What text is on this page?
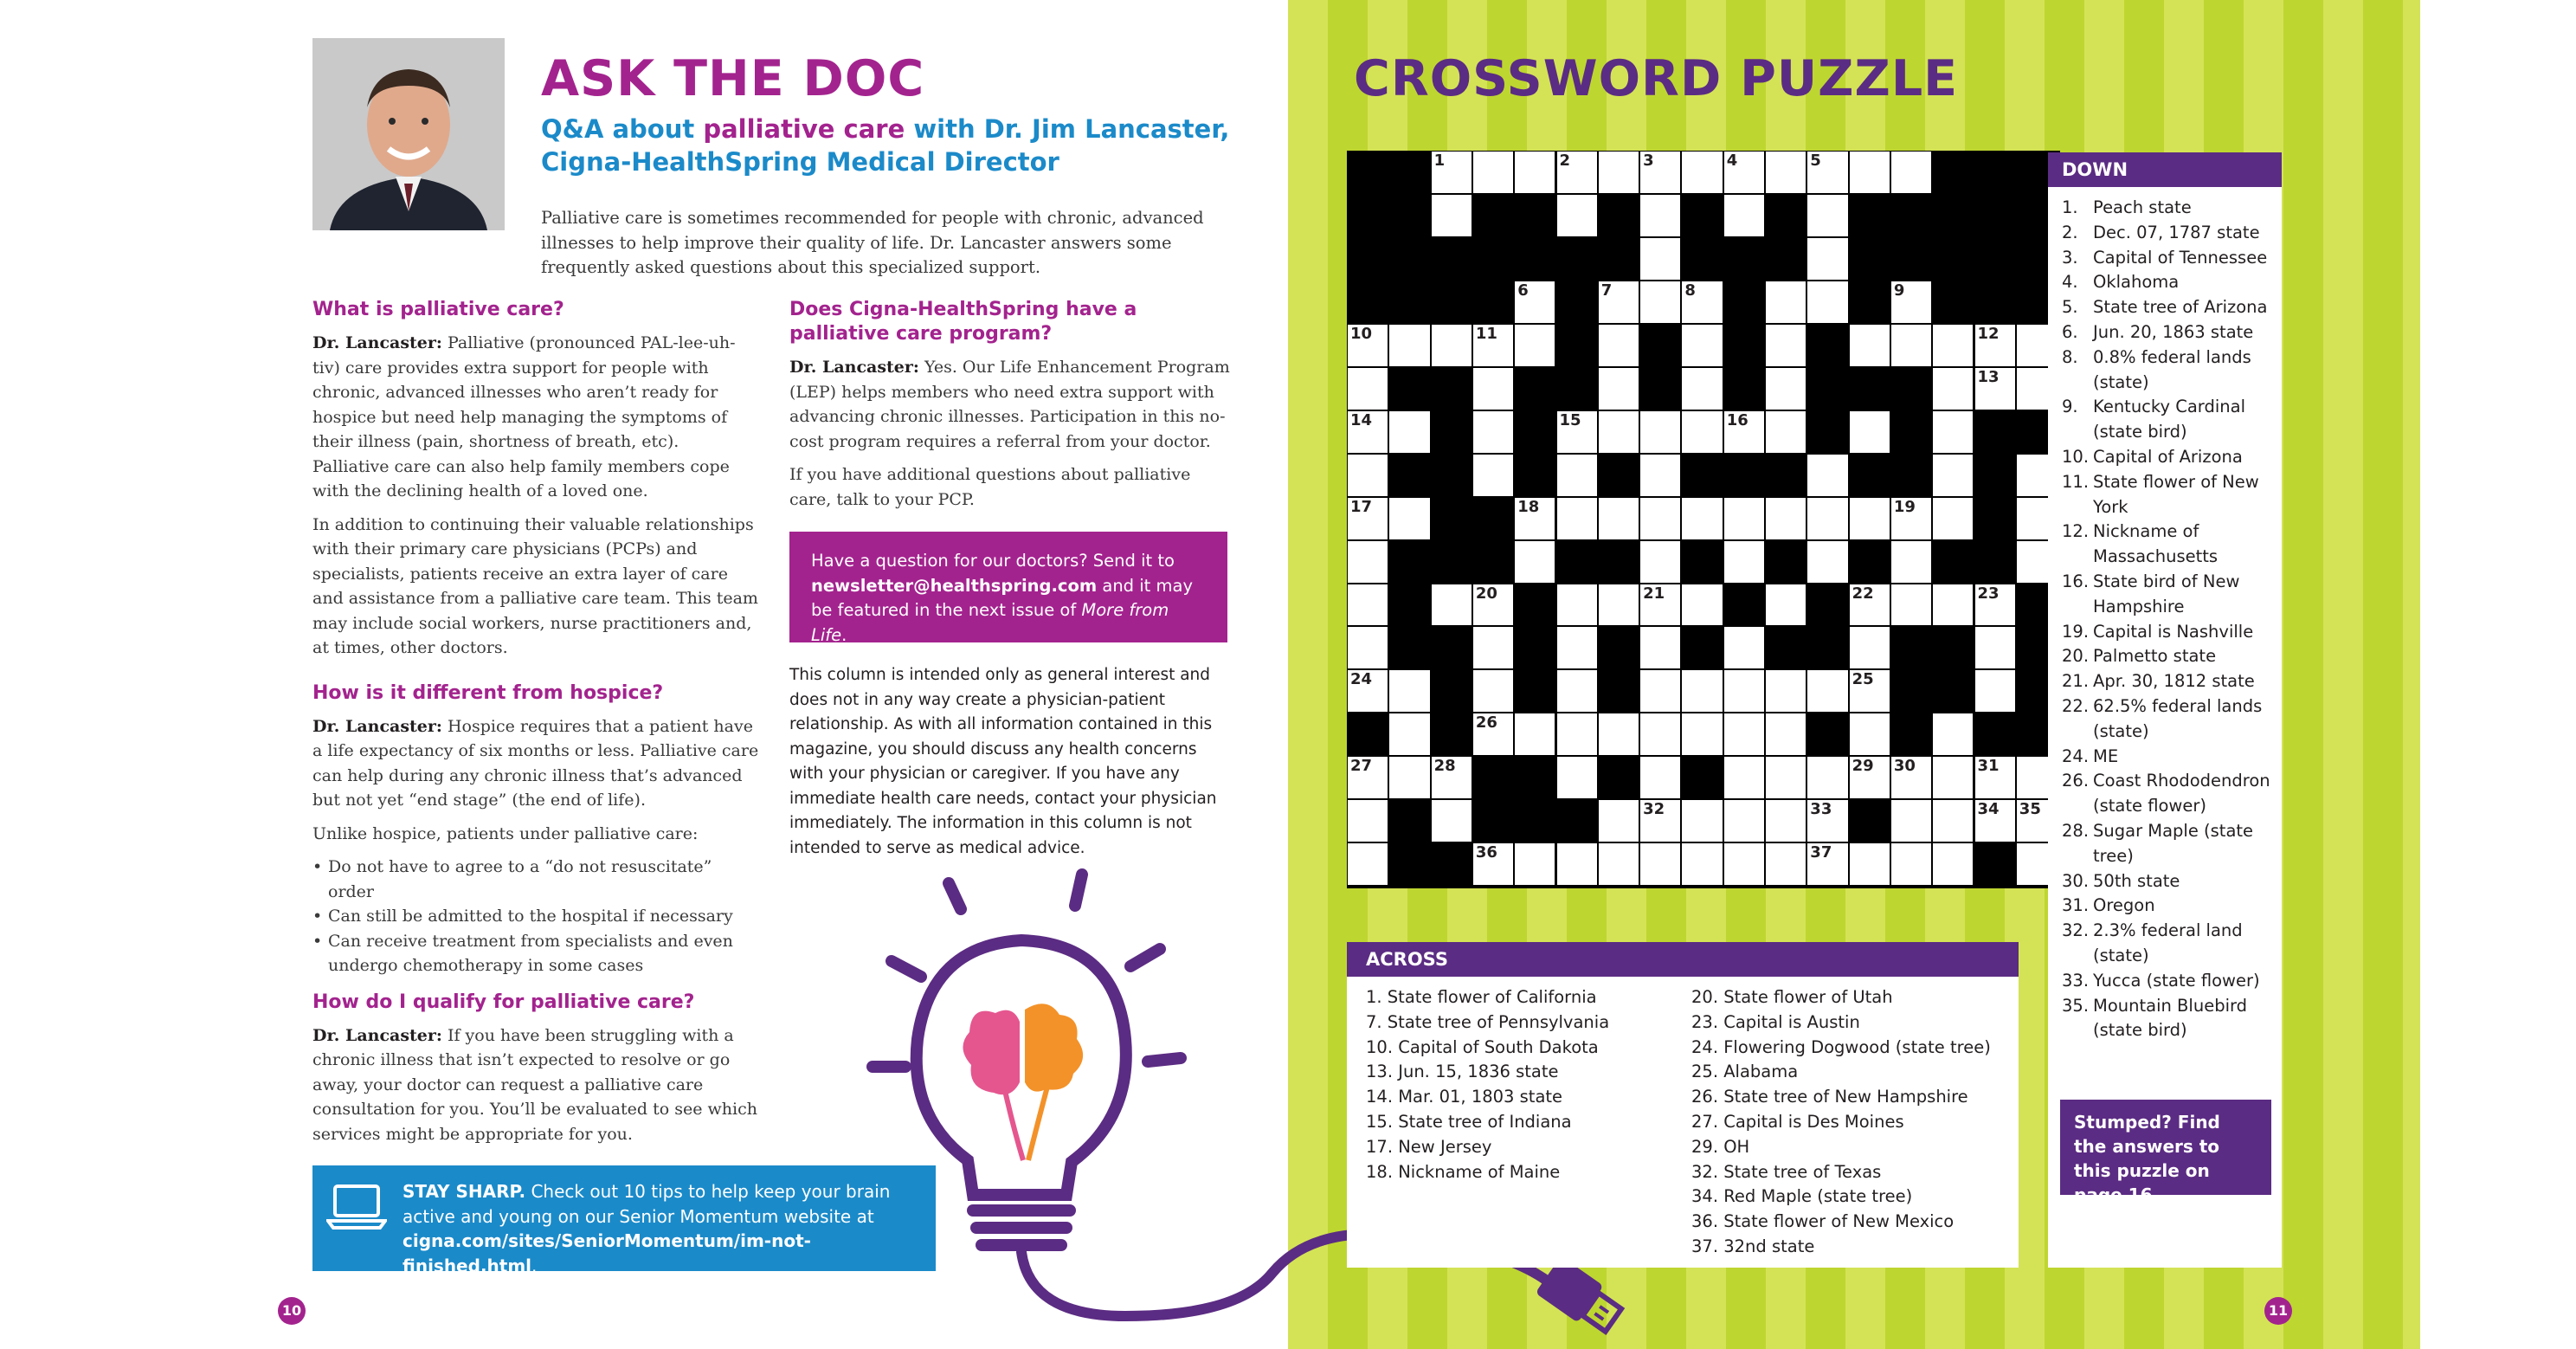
ASK THE DOC
Q&A about palliative care with Dr. Jim Lancaster, Cigna-HealthSpring Medical Director
Palliative care is sometimes recommended for people with chronic, advanced illnesses to help improve their quality of life. Dr. Lancaster answers some frequently asked questions about this specialized support.
What is palliative care?

Dr. Lancaster: Palliative (pronounced PAL-lee-uh-tiv) care provides extra support for people with chronic, advanced illnesses who aren’t ready for hospice but need help managing the symptoms of their illness (pain, shortness of breath, etc). Palliative care can also help family members cope with the declining health of a loved one.

In addition to continuing their valuable relationships with their primary care physicians (PCPs) and specialists, patients receive an extra layer of care and assistance from a palliative care team. This team may include social workers, nurse practitioners and, at times, other doctors.

How is it different from hospice?

Dr. Lancaster: Hospice requires that a patient have a life expectancy of six months or less. Palliative care can help during any chronic illness that’s advanced but not yet “end stage” (the end of life).

Unlike hospice, patients under palliative care:

• Do not have to agree to a “do not resuscitate” order
• Can still be admitted to the hospital if necessary
• Can receive treatment from specialists and even undergo chemotherapy in some cases
How do I qualify for palliative care?

Dr. Lancaster: If you have been struggling with a chronic illness that isn’t expected to resolve or go away, your doctor can request a palliative care consultation for you. You’ll be evaluated to see which services might be appropriate for you.

Does Cigna-HealthSpring have a palliative care program?

Dr. Lancaster: Yes. Our Life Enhancement Program (LEP) helps members who need extra support with advancing chronic illnesses. Participation in this no-cost program requires a referral from your doctor.

If you have additional questions about palliative care, talk to your PCP.

Have a question for our doctors? Send it to newsletter@healthspring.com and it may be featured in the next issue of More from Life.
This column is intended only as general interest and does not in any way create a physician-patient relationship. As with all information contained in this magazine, you should discuss any health concerns with your physician or caregiver. If you have any immediate health care needs, contact your physician immediately. The information in this column is not intended to serve as medical advice.
STAY SHARP. Check out 10 tips to help keep your brain active and young on our Senior Momentum website at cigna.com/sites/SeniorMomentum/im-not-finished.html.
10
CROSSWORD PUZZLE
1	2	3	4	5
6	7	8	9
10	11	12
13
14	15	16
17	18	19
20	21	22	23
24	25
26
27	28	29 30	31
32	33	34 35
36	37
ACROSS
1. State flower of California
7. State tree of Pennsylvania
10. Capital of South Dakota
13. Jun. 15, 1836 state
14. Mar. 01, 1803 state
15. State tree of Indiana
17. New Jersey
18. Nickname of Maine
20. State flower of Utah
23. Capital is Austin
24. Flowering Dogwood (state tree)
25. Alabama
26. State tree of New Hampshire
27. Capital is Des Moines
29. OH
32. State tree of Texas
34. Red Maple (state tree)
36. State flower of New Mexico
37. 32nd state
DOWN
1. Peach state
2. Dec. 07, 1787 state
3. Capital of Tennessee
4. Oklahoma
5. State tree of Arizona
6. Jun. 20, 1863 state
8. 0.8% federal lands (state)
9. Kentucky Cardinal (state bird)
10. Capital of Arizona
11. State flower of New York
12. Nickname of Massachusetts
16. State bird of New Hampshire
19. Capital is Nashville
20. Palmetto state
21. Apr. 30, 1812 state
22. 62.5% federal lands (state)
24. ME
26. Coast Rhododendron (state flower)
28. Sugar Maple (state tree)
30. 50th state
31. Oregon
32. 2.3% federal land (state)
33. Yucca (state flower)
35. Mountain Bluebird (state bird)
Stumped? Find the answers to this puzzle on page 16.
11
